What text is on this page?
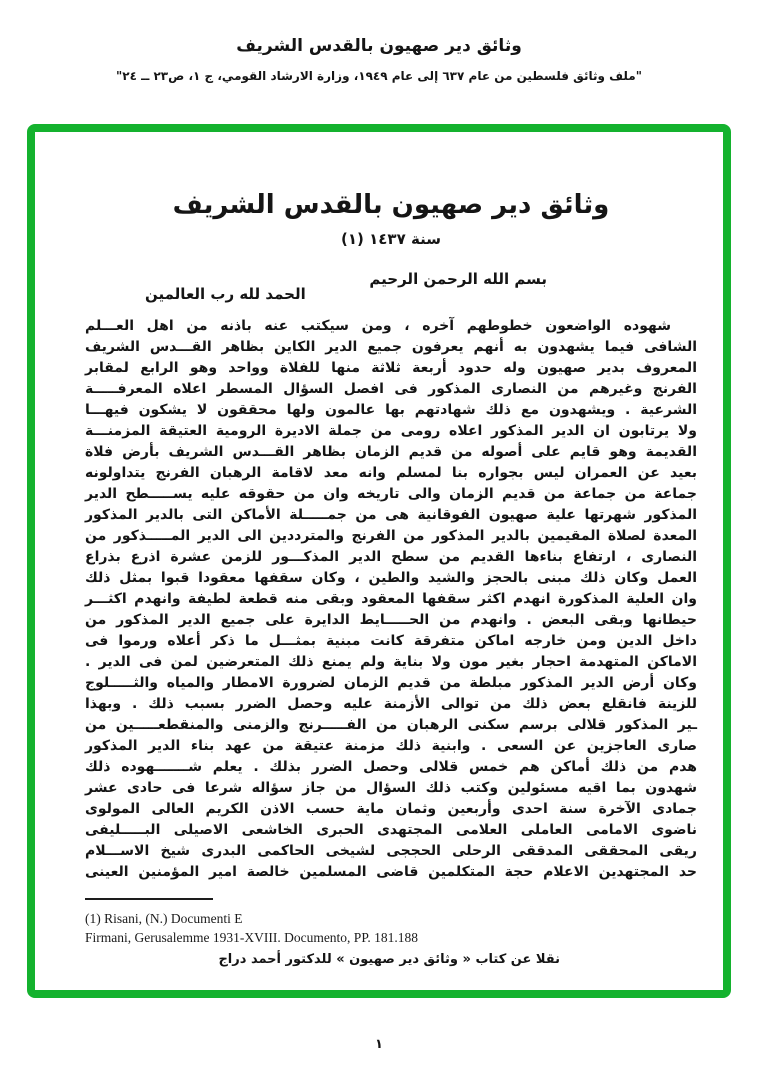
وثائق دير صهيون بالقدس الشريف
"ملف وثائق فلسطين من عام ٦٣٧ إلى عام ١٩٤٩، وزارة الارشاد القومي، ج ١، ص٢٣ ــ ٢٤"
وثائق دير صهيون بالقدس الشريف
سنة ١٤٣٧ (١)
بسم الله الرحمن الرحيم
الحمد لله رب العالمين
شهوده الواضعون خطوطهم آخره ، ومن سيكتب عنه باذنه من اهل العـــلم
الشافى فيما يشهدون به أنهم يعرفون جميع الدير الكاين بظاهر القـــدس الشريف
المعروف بدير صهيون وله حدود أربعة ثلاثة منها للفلاة وواحد وهو الرابع لمقابر
الفرنج وغيرهم من النصارى المذكور فى افصل السؤال المسطر اعلاه المعرفـــــة
الشرعية . ويشهدون مع ذلك شهادتهم بها عالمون ولها محققون لا يشكون فيهـــا
ولا يرتابون ان الدير المذكور اعلاه رومى من جملة الاديرة الرومية العتيقة المزمنـــة
القديمة وهو قايم على أصوله من قديم الزمان بظاهر القـــدس الشريف بأرض فلاة
بعيد عن العمران ليس بجواره بنا لمسلم وانه معد لاقامة الرهبان الفرنج يتداولونه
جماعة من جماعة من قديم الزمان والى تاريخه وان من حقوقه عليه يســـــطح الدير
المذكور شهرتها علية صهيون الفوقانية هى من جمـــــلة الأماكن التى بالدير المذكور
المعدة لصلاة المقيمين بالدير المذكور من الفرنج والمترددين الى الدير المـــــذكور من
النصارى ، ارتفاع بناءها القديم من سطح الدير المذكـــور للزمن عشرة اذرع بذراع
العمل وكان ذلك مبنى بالحجز والشيد والطين ، وكان سقفها معقودا قبوا بمثل ذلك
وان العلية المذكورة انهدم اكثر سقفها المعقود وبقى منه قطعة لطيفة وانهدم اكثـــر
حيطانها وبقى البعض . وانهدم من الحـــــايط الدايرة على جميع الدير المذكور من
داخل الدين ومن خارجه اماكن متفرقة كانت مبنية بمثـــل ما ذكر أعلاه ورموا فى
الاماكن المتهدمة احجار بغير مون ولا بناية ولم يمنع ذلك المتعرضين لمن فى الدير .
وكان أرض الدير المذكور مبلطة من قديم الزمان لضرورة الامطار والمياه والثـــــلوج
للزينة فانقلع بعض ذلك من توالى الأزمنة عليه وحصل الضرر بسبب ذلك . وبهذا
ـير المذكور قلالى برسم سكنى الرهبان من الفـــــرنج والزمنى والمنقطعـــــين من
صارى العاجزين عن السعى . وابنية ذلك مزمنة عتيقة من عهد بناء الدير المذكور
هدم من ذلك أماكن هم خمس قلالى وحصل الضرر بذلك . يعلم شـــــــهوده ذلك
شهدون بما اقيه مسئولين وكتب ذلك السؤال من جاز سؤاله شرعا فى حادى عشر
جمادى الآخرة سنة احدى وأربعين وثمان ماية حسب الاذن الكريم العالى المولوى
ناضوى الامامى العاملى العلامى المجتهدى الحبرى الخاشعى الاصيلى البـــــليفى
ريقى المحققى المدققى الرحلى الحججى لشيخى الحاكمى البدرى شيخ الاســـلام
حد المجتهدين الاعلام حجة المتكلمين قاضى المسلمين خالصة امير المؤمنين العينى
(1) Risani, (N.) Documenti E
Firmani, Gerusalemme 1931-XVIII. Documento, PP. 181.188
نقلا عن كتاب « وثائق دير صهيون » للدكتور أحمد دراج
١
